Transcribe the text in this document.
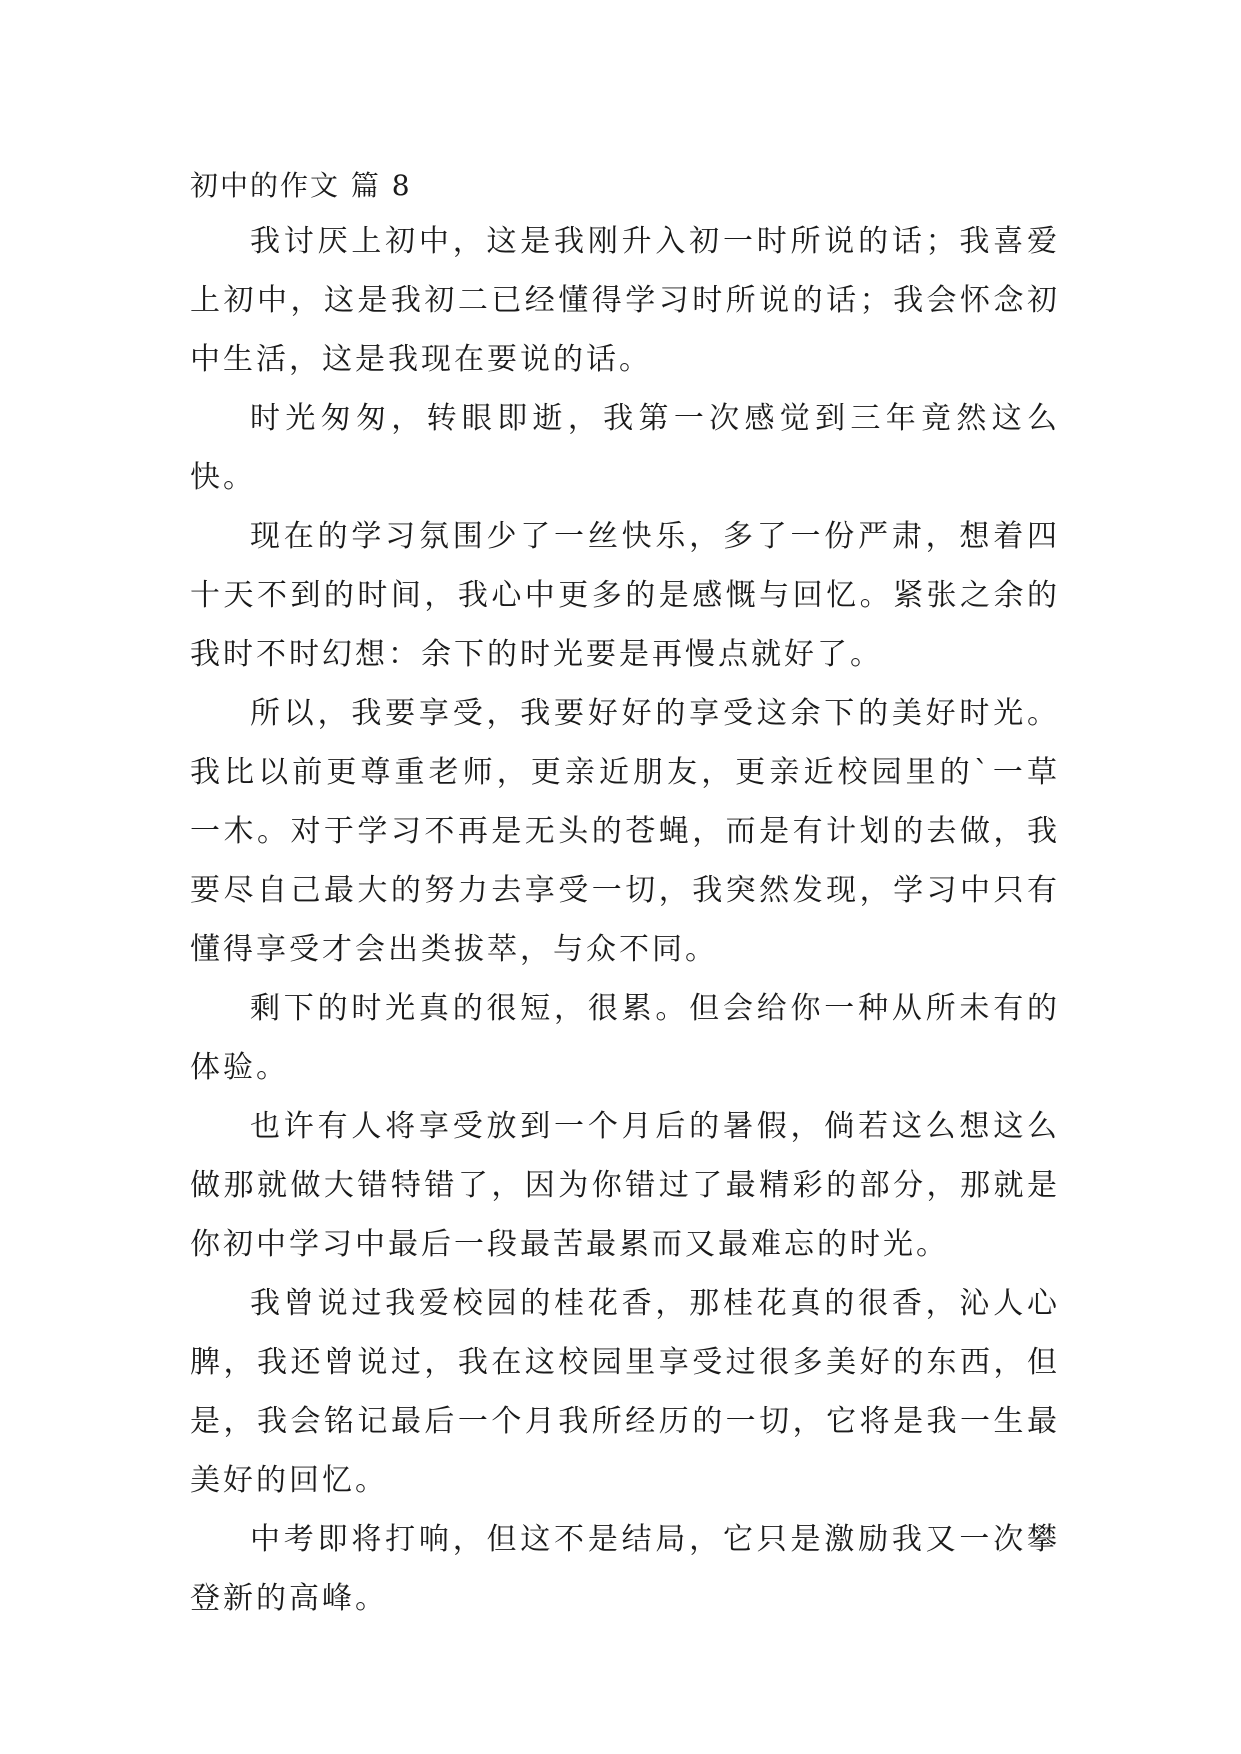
初中的作文 篇 8

我讨厌上初中，这是我刚升入初一时所说的话；我喜爱上初中，这是我初二已经懂得学习时所说的话；我会怀念初中生活，这是我现在要说的话。

时光匆匆，转眼即逝，我第一次感觉到三年竟然这么快。

现在的学习氛围少了一丝快乐，多了一份严肃，想着四十天不到的时间，我心中更多的是感慨与回忆。紧张之余的我时不时幻想：余下的时光要是再慢点就好了。

所以，我要享受，我要好好的享受这余下的美好时光。我比以前更尊重老师，更亲近朋友，更亲近校园里的`一草一木。对于学习不再是无头的苍蝇，而是有计划的去做，我要尽自己最大的努力去享受一切，我突然发现，学习中只有懂得享受才会出类拔萃，与众不同。

剩下的时光真的很短，很累。但会给你一种从所未有的体验。

也许有人将享受放到一个月后的暑假，倘若这么想这么做那就做大错特错了，因为你错过了最精彩的部分，那就是你初中学习中最后一段最苦最累而又最难忘的时光。

我曾说过我爱校园的桂花香，那桂花真的很香，沁人心脾，我还曾说过，我在这校园里享受过很多美好的东西，但是，我会铭记最后一个月我所经历的一切，它将是我一生最美好的回忆。

中考即将打响，但这不是结局，它只是激励我又一次攀登新的高峰。
